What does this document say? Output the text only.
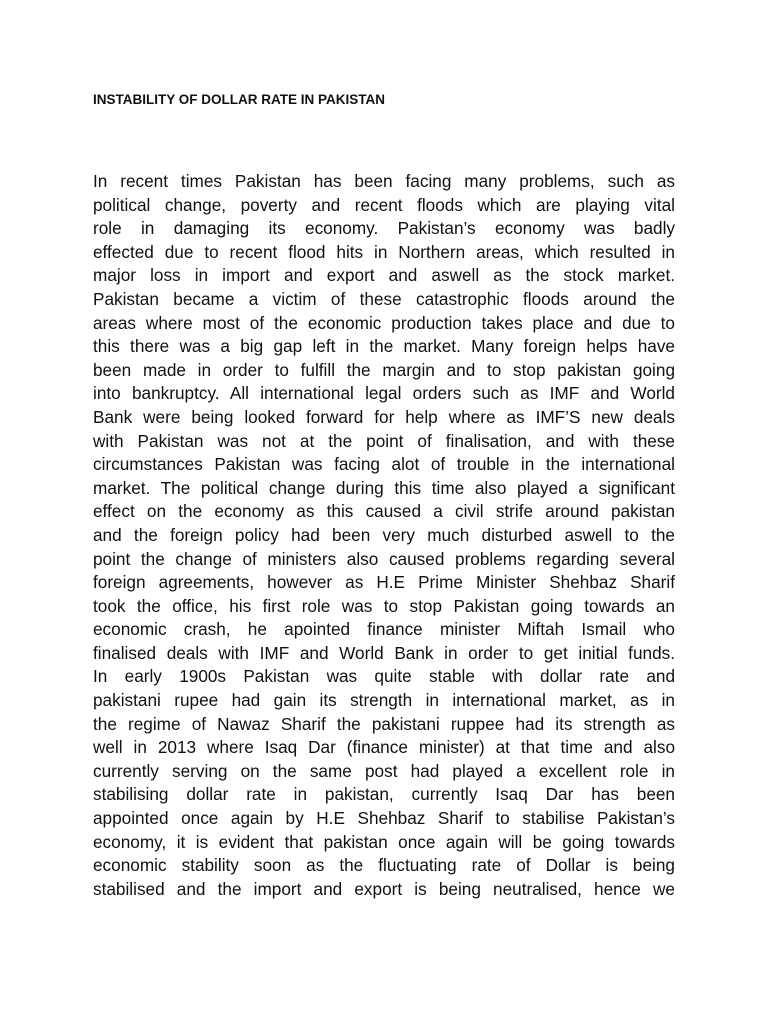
INSTABILITY OF DOLLAR RATE IN PAKISTAN
In recent times Pakistan has been facing many problems, such as
political change, poverty and recent floods which are playing vital
role in damaging its economy. Pakistan’s economy was badly
effected due to recent flood hits in Northern areas, which resulted in
major loss in import and export and aswell as the stock market.
Pakistan became a victim of these catastrophic floods around the
areas where most of the economic production takes place and due to
this there was a big gap left in the market. Many foreign helps have
been made in order to fulfill the margin and to stop pakistan going
into bankruptcy. All international legal orders such as IMF and World
Bank were being looked forward for help where as IMF’S new deals
with Pakistan was not at the point of finalisation, and with these
circumstances Pakistan was facing alot of trouble in the international
market. The political change during this time also played a significant
effect on the economy as this caused a civil strife around pakistan
and the foreign policy had been very much disturbed aswell to the
point the change of ministers also caused problems regarding several
foreign agreements, however as H.E Prime Minister Shehbaz Sharif
took the office, his first role was to stop Pakistan going towards an
economic crash, he apointed finance minister Miftah Ismail who
finalised deals with IMF and World Bank in order to get initial funds.
In early 1900s Pakistan was quite stable with dollar rate and
pakistani rupee had gain its strength in international market, as in
the regime of Nawaz Sharif the pakistani ruppee had its strength as
well in 2013 where Isaq Dar (finance minister) at that time and also
currently serving on the same post had played a excellent role in
stabilising dollar rate in pakistan, currently Isaq Dar has been
appointed once again by H.E Shehbaz Sharif to stabilise Pakistan’s
economy, it is evident that pakistan once again will be going towards
economic stability soon as the fluctuating rate of Dollar is being
stabilised and the import and export is being neutralised, hence we
